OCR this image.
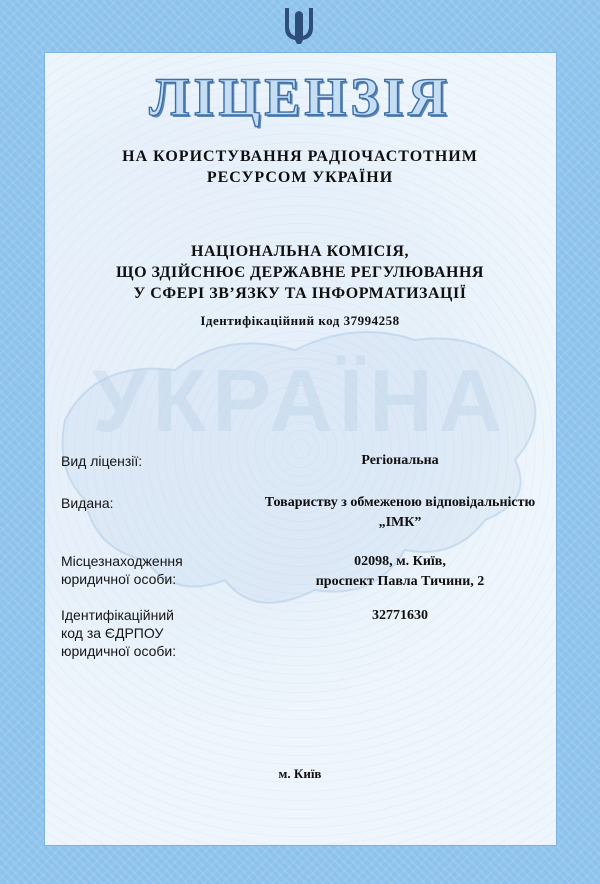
УКРАЇНА
ЛІЦЕНЗІЯ
НА КОРИСТУВАННЯ РАДІОЧАСТОТНИМ
РЕСУРСОМ УКРАЇНИ
НАЦІОНАЛЬНА КОМІСІЯ,
ЩО ЗДІЙСНЮЄ ДЕРЖАВНЕ РЕГУЛЮВАННЯ
У СФЕРІ ЗВ’ЯЗКУ ТА ІНФОРМАТИЗАЦІЇ
Ідентифікаційний код 37994258
Вид ліцензії:	Регіональна
Видана:	Товариству з обмеженою відповідальністю
„ІМК”
Місцезнаходження
юридичної особи:
02098, м. Київ,
проспект Павла Тичини, 2
Ідентифікаційний
код за ЄДРПОУ
юридичної особи:
32771630
м. Київ
